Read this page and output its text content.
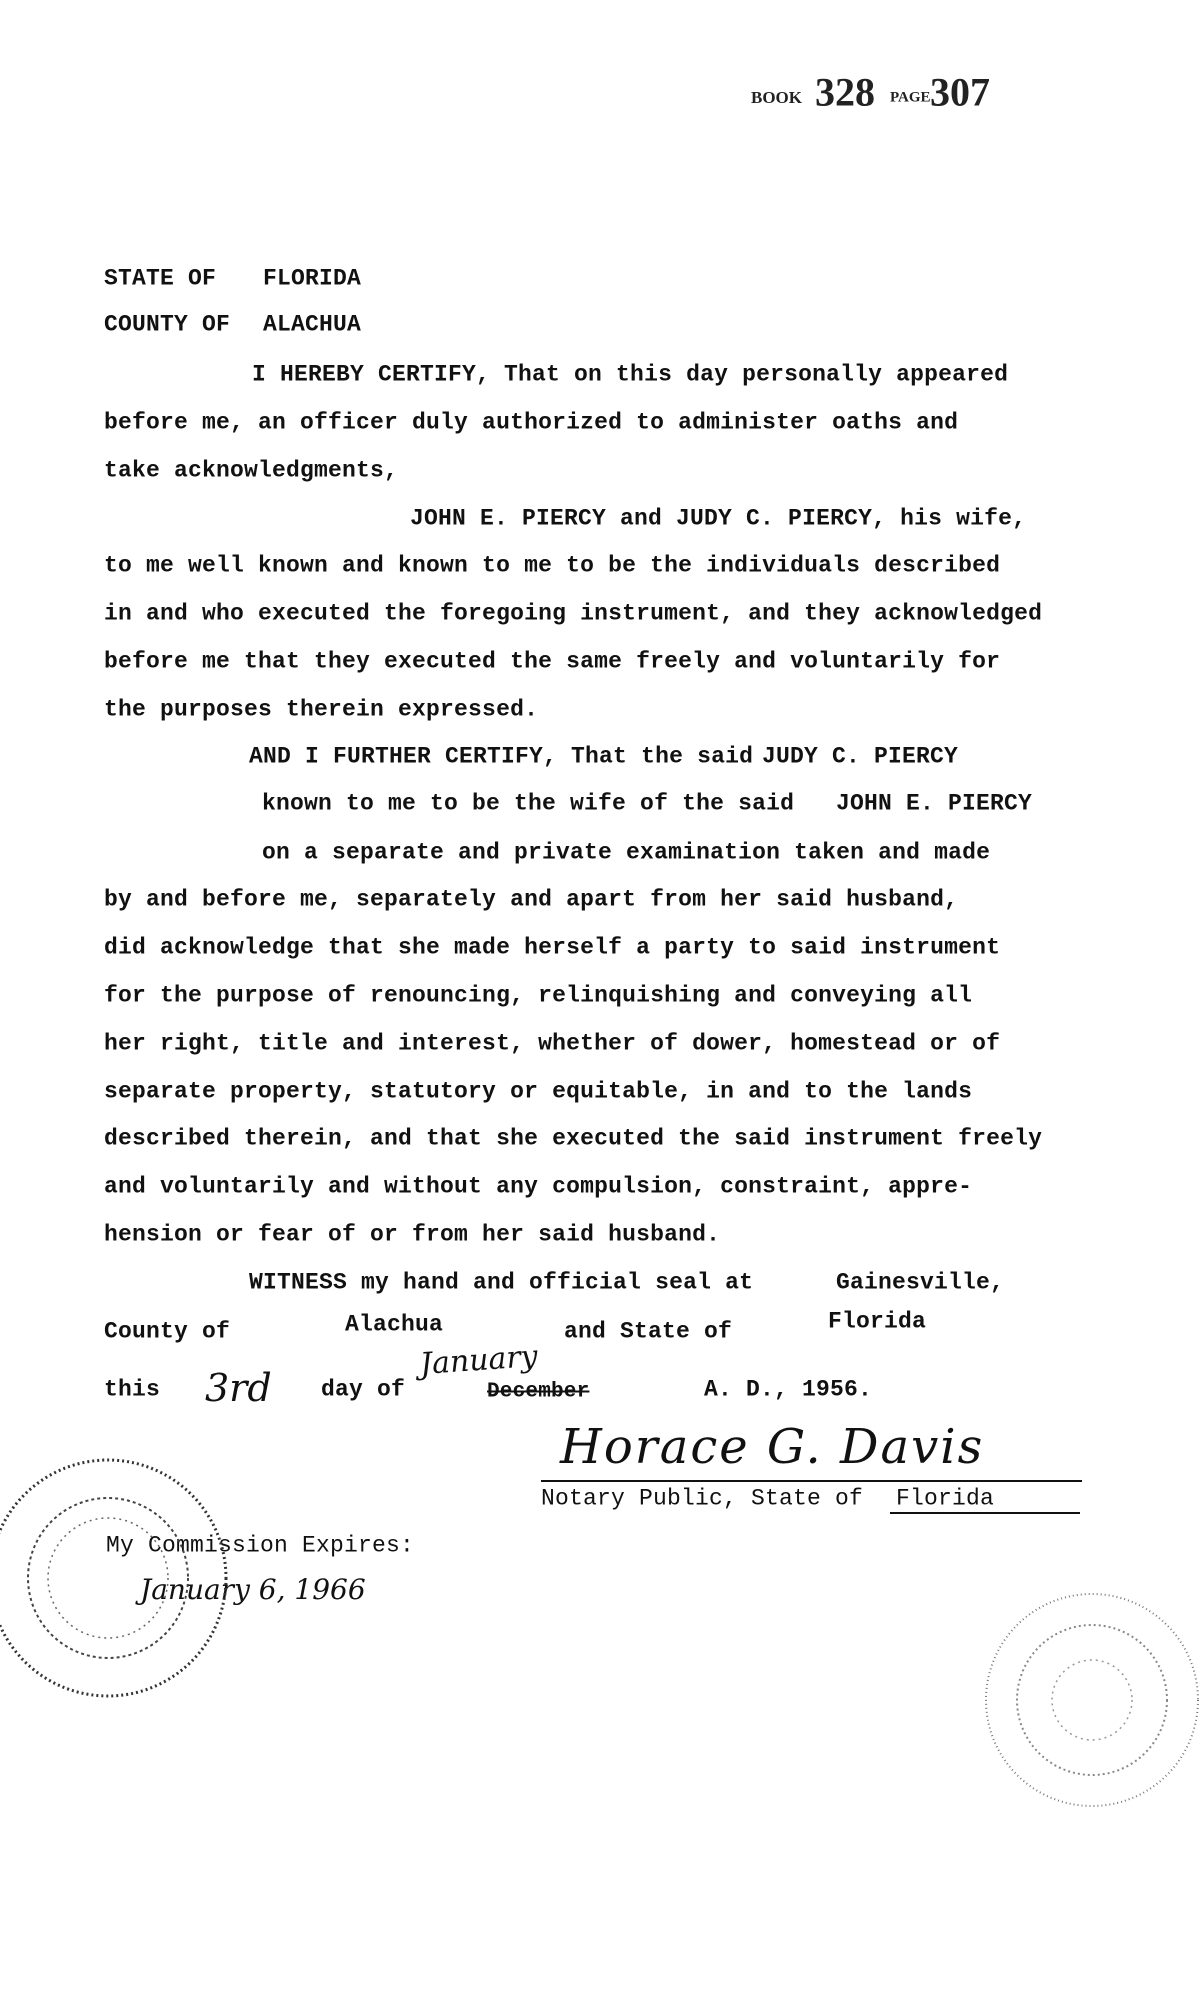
BOOK 328 PAGE 307
STATE OF FLORIDA
COUNTY OF ALACHUA
I HEREBY CERTIFY, That on this day personally appeared
before me, an officer duly authorized to administer oaths and
take acknowledgments,
JOHN E. PIERCY and JUDY C. PIERCY, his wife,
to me well known and known to me to be the individuals described
in and who executed the foregoing instrument, and they acknowledged
before me that they executed the same freely and voluntarily for
the purposes therein expressed.
AND I FURTHER CERTIFY, That the said JUDY C. PIERCY
known to me to be the wife of the said JOHN E. PIERCY
on a separate and private examination taken and made
by and before me, separately and apart from her said husband,
did acknowledge that she made herself a party to said instrument
for the purpose of renouncing, relinquishing and conveying all
her right, title and interest, whether of dower, homestead or of
separate property, statutory or equitable, in and to the lands
described therein, and that she executed the said instrument freely
and voluntarily and without any compulsion, constraint, appre-
hension or fear of or from her said husband.
WITNESS my hand and official seal at	Gainesville,
County of	Alachua	and State of	Florida
this 3rd day of
January
December	A. D., 1956.
Horace G. Davis
Notary Public, State of Florida
My Commission Expires:
January 6, 1966
